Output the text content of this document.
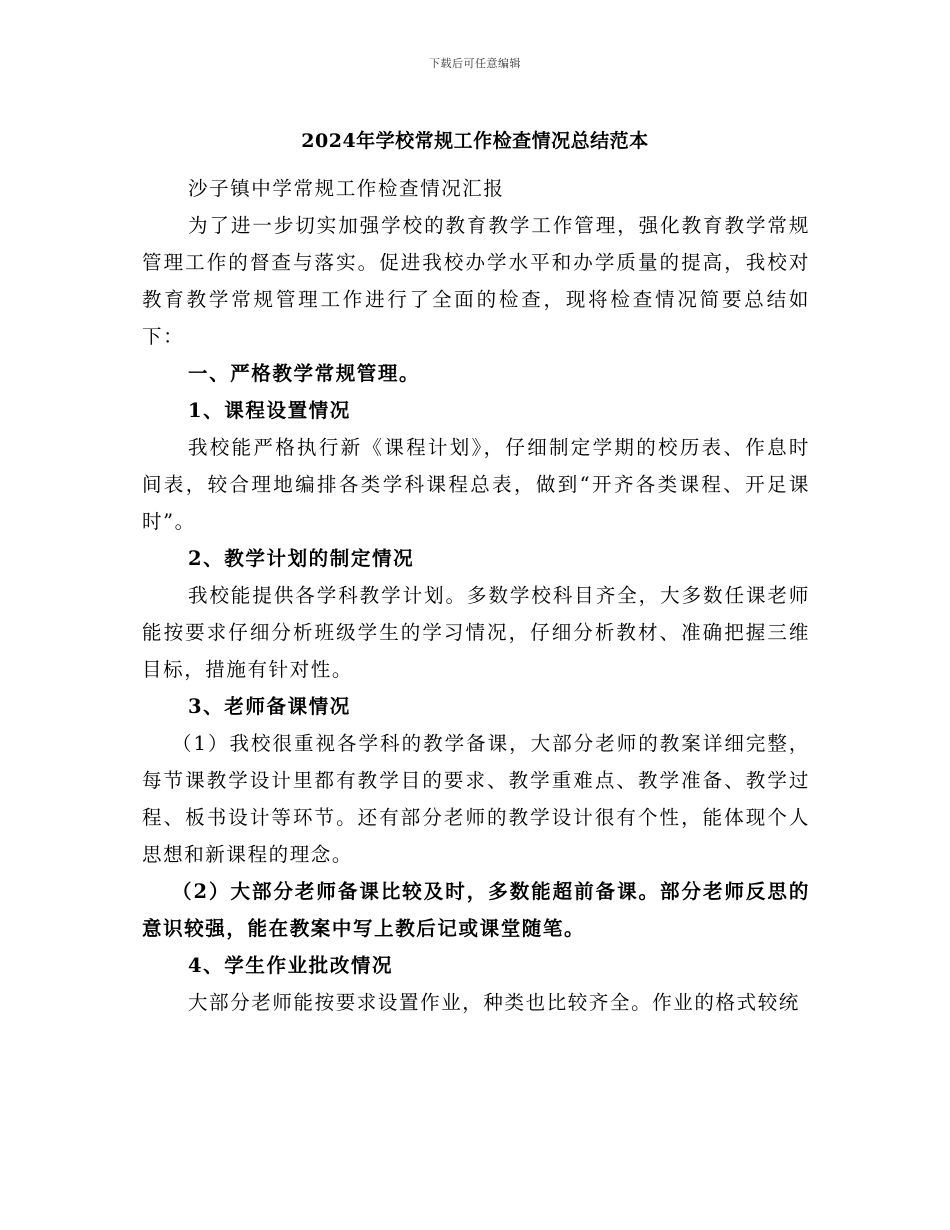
下载后可任意编辑
2024年学校常规工作检查情况总结范本

沙子镇中学常规工作检查情况汇报

为了进一步切实加强学校的教育教学工作管理，强化教育教学常规管理工作的督查与落实。促进我校办学水平和办学质量的提高，我校对教育教学常规管理工作进行了全面的检查，现将检查情况简要总结如下：

一、严格教学常规管理。

1、课程设置情况

我校能严格执行新《课程计划》，仔细制定学期的校历表、作息时间表，较合理地编排各类学科课程总表，做到“开齐各类课程、开足课时”。

2、教学计划的制定情况

我校能提供各学科教学计划。多数学校科目齐全，大多数任课老师能按要求仔细分析班级学生的学习情况，仔细分析教材、准确把握三维目标，措施有针对性。

3、老师备课情况

（1）我校很重视各学科的教学备课，大部分老师的教案详细完整，每节课教学设计里都有教学目的要求、教学重难点、教学准备、教学过程、板书设计等环节。还有部分老师的教学设计很有个性，能体现个人思想和新课程的理念。

（2）大部分老师备课比较及时，多数能超前备课。部分老师反思的意识较强，能在教案中写上教后记或课堂随笔。

4、学生作业批改情况

大部分老师能按要求设置作业，种类也比较齐全。作业的格式较统
